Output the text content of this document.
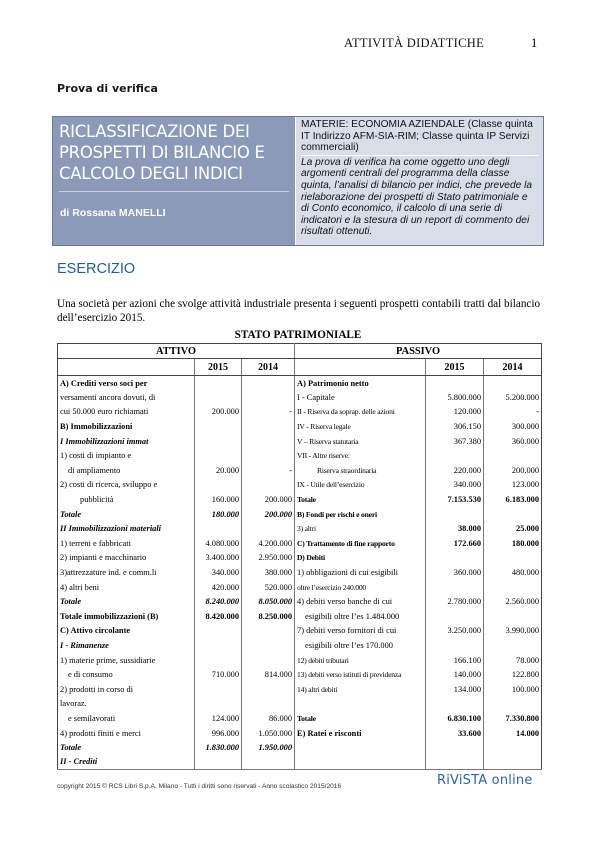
ATTIVITÀ DIDATTICHE	1
Prova di verifica
RICLASSIFICAZIONE DEI PROSPETTI DI BILANCIO E CALCOLO DEGLI INDICI
di Rossana MANELLI
MATERIE: ECONOMIA AZIENDALE (Classe quinta IT Indirizzo AFM-SIA-RIM; Classe quinta IP Servizi commerciali)
La prova di verifica ha come oggetto uno degli argomenti centrali del programma della classe quinta, l’analisi di bilancio per indici, che prevede la rielaborazione dei prospetti di Stato patrimoniale e di Conto economico, il calcolo di una serie di indicatori e la stesura di un report di commento dei risultati ottenuti.
ESERCIZIO
Una società per azioni che svolge attività industriale presenta i seguenti prospetti contabili tratti dal bilancio dell’esercizio 2015.
STATO PATRIMONIALE
ATTIVO			PASSIVO		
	2015	2014		2015	2014
A) Crediti verso soci per			A) Patrimonio netto		
versamenti ancora dovuti, di			I - Capitale	5.800.000	5.200.000
cui 50.000 euro richiamati	200.000	-	II - Riserva da soprap. delle azioni	120.000	-
B) Immobilizzazioni			IV - Riserva legale	306.150	300.000
I Immobilizzazioni immat			V – Riserva statutaria	367.380	360.000
1) costi di impianto e			VII - Altre riserve:		
di ampliamento	20.000	-	Riserva straordinaria	220.000	200.000
2) costi di ricerca, sviluppo e			IX - Utile dell’esercizio	340.000	123.000
pubblicità	160.000	200.000	Totale	7.153.530	6.183.000
Totale	180.000	200.000	B) Fondi per rischi e oneri		
II Immobilizzazioni materiali			3) altri	38.000	25.000
1) terreni e fabbricati	4.080.000	4.200.000	C) Trattamento di fine rapporto	172.660	180.000
2) impianti e macchinario	3.400.000	2.950.000	D) Debiti		
3)attrezzature ind. e comm.li	340.000	380.000	1) obbligazioni di cui esigibili	360.000	480.000
4) altri beni	420.000	520.000	oltre l’esercizio 240.000		
Totale	8.240.000	8.050.000	4) debiti verso banche di cui	2.780.000	2.560.000
Totale immobilizzazioni (B)	8.420.000	8.250.000	esigibili oltre l’es 1.484.000		
C) Attivo circolante			7) debiti verso fornitori di cui	3.250.000	3.990.000
I - Rimanenze			esigibili oltre l’es 170.000		
1) materie prime, sussidiarie			12) debiti tributari	166.100	78.000
e di consumo	710.000	814.000	13) debiti verso istituti di previdenza	140.000	122.800
2) prodotti in corso di			14) altri debiti	134.000	100.000
lavoraz.					
e semilavorati	124.000	86.000	Totale	6.830.100	7.330.800
4) prodotti finiti e merci	996.000	1.050.000	E) Ratei e risconti	33.600	14.000
Totale	1.830.000	1.950.000			
II - Crediti					
copyright 2015 © RCS Libri S.p.A. Milano - Tutti i diritti sono riservati - Anno scolastico 2015/2016	RiViSTA online
